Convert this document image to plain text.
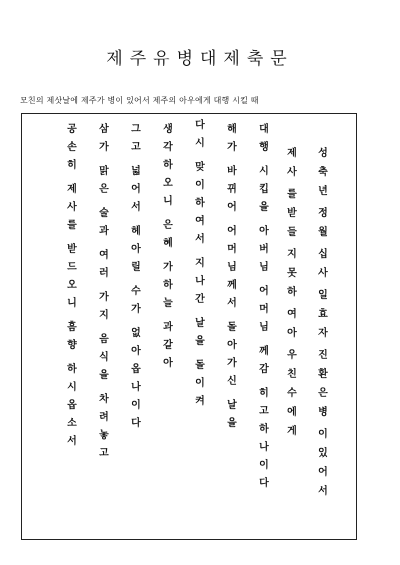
제주유병대제축문
모친의 제삿날에 제주가 병이 있어서 제주의 아우에게 대행 시킬 때
성
축
년
정
월
십
사
일
효
자
진
환
은
병
이
있
어
서
제
사
를
받
들
지
못
하
여
아
우
친
수
에
게
대
행
시
킵
을
아
버
님
어
머
님
께
감
히
고
하
나
이
다
해
가
바
뀌
어
어
머
님
께
서
돌
아
가
신
날
을
다
시
맞
이
하
여
서
지
나
간
날
을
돌
이
켜
생
각
하
오
니
은
혜
가
하
늘
과
같
아
그
고
넓
어
서
헤
아
릴
수
가
없
아
옵
나
이
다
삼
가
맑
은
술
과
여
러
가
지
음
식
을
차
려
놓
고
공
손
히
제
사
를
받
드
오
니
흠
향
하
시
옵
소
서
